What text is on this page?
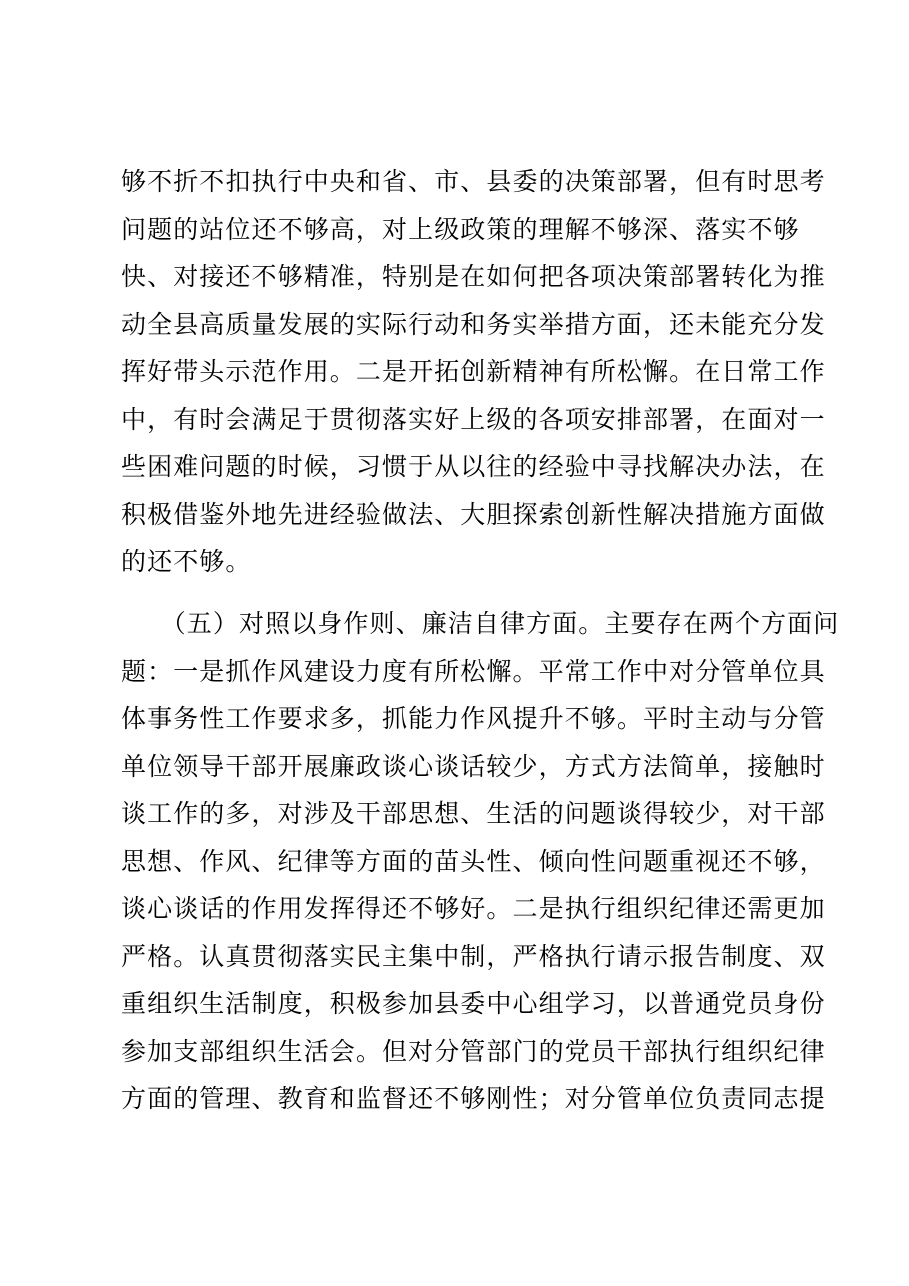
够不折不扣执行中央和省、市、县委的决策部署，但有时思考
问题的站位还不够高，对上级政策的理解不够深、落实不够
快、对接还不够精准，特别是在如何把各项决策部署转化为推
动全县高质量发展的实际行动和务实举措方面，还未能充分发
挥好带头示范作用。二是开拓创新精神有所松懈。在日常工作
中，有时会满足于贯彻落实好上级的各项安排部署，在面对一
些困难问题的时候，习惯于从以往的经验中寻找解决办法，在
积极借鉴外地先进经验做法、大胆探索创新性解决措施方面做
的还不够。
　　（五）对照以身作则、廉洁自律方面。主要存在两个方面问
题：一是抓作风建设力度有所松懈。平常工作中对分管单位具
体事务性工作要求多，抓能力作风提升不够。平时主动与分管
单位领导干部开展廉政谈心谈话较少，方式方法简单，接触时
谈工作的多，对涉及干部思想、生活的问题谈得较少，对干部
思想、作风、纪律等方面的苗头性、倾向性问题重视还不够，
谈心谈话的作用发挥得还不够好。二是执行组织纪律还需更加
严格。认真贯彻落实民主集中制，严格执行请示报告制度、双
重组织生活制度，积极参加县委中心组学习，以普通党员身份
参加支部组织生活会。但对分管部门的党员干部执行组织纪律
方面的管理、教育和监督还不够刚性；对分管单位负责同志提
